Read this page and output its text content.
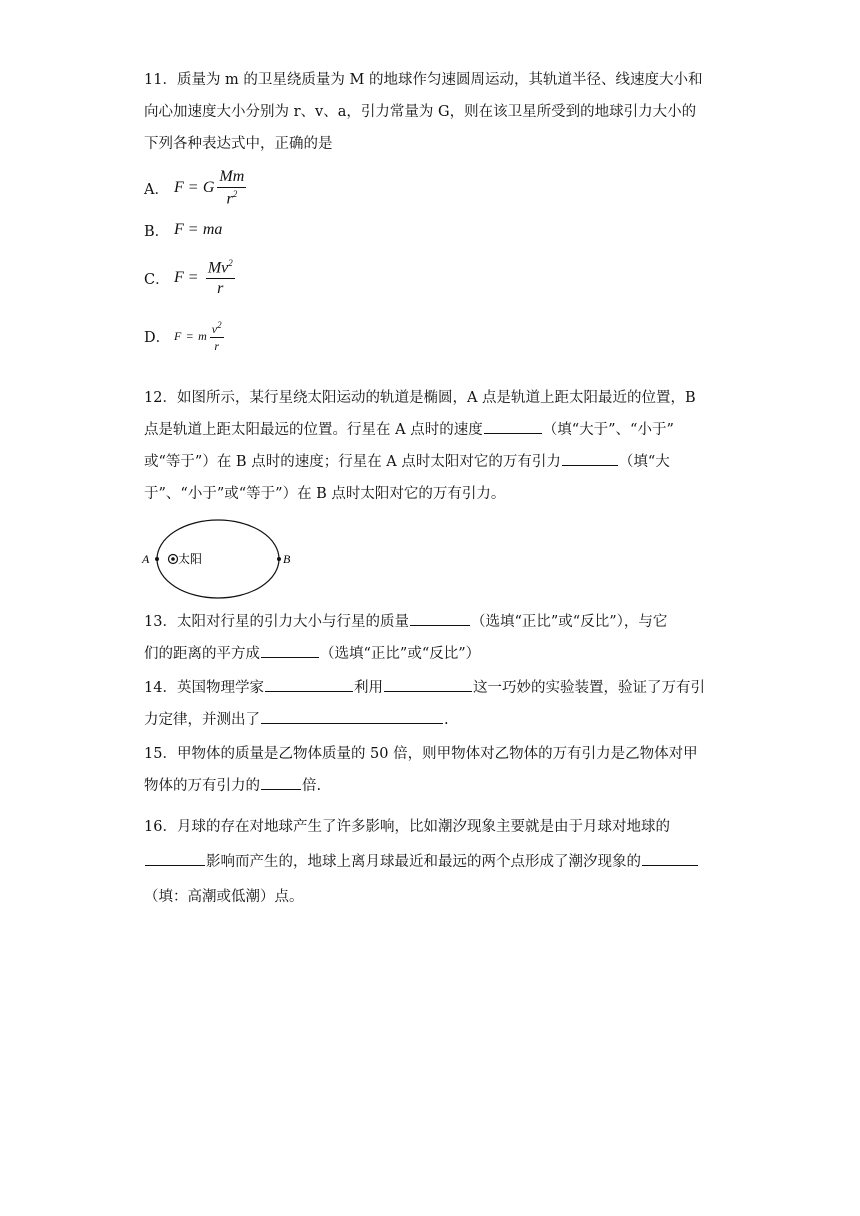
11．质量为 m 的卫星绕质量为 M 的地球作匀速圆周运动，其轨道半径、线速度大小和
向心加速度大小分别为 r、v、a，引力常量为 G，则在该卫星所受到的地球引力大小的
下列各种表达式中，正确的是
A． F = G $\frac{Mm}{r^2}$
B． F = ma
C． $F = \frac{Mv^2}{r}$
D． F = m $\frac{v^2}{r}$
12．如图所示，某行星绕太阳运动的轨道是椭圆，A 点是轨道上距太阳最近的位置，B
点是轨道上距太阳最远的位置。行星在 A 点时的速度	（填“大于”、“小于”
或“等于”）在 B 点时的速度；行星在 A 点时太阳对它的万有引力	（填“大
于”、“小于”或“等于”）在 B 点时太阳对它的万有引力。
A	B
太阳
13．太阳对行星的引力大小与行星的质量	（选填“正比”或“反比”），与它
们的距离的平方成	（选填“正比”或“反比”）
14．英国物理学家	利用	这一巧妙的实验装置，验证了万有引
力定律，并测出了	.
15．甲物体的质量是乙物体质量的 50 倍，则甲物体对乙物体的万有引力是乙物体对甲
物体的万有引力的	倍.
16．月球的存在对地球产生了许多影响，比如潮汐现象主要就是由于月球对地球的
影响而产生的，地球上离月球最近和最远的两个点形成了潮汐现象的
（填：高潮或低潮）点。
